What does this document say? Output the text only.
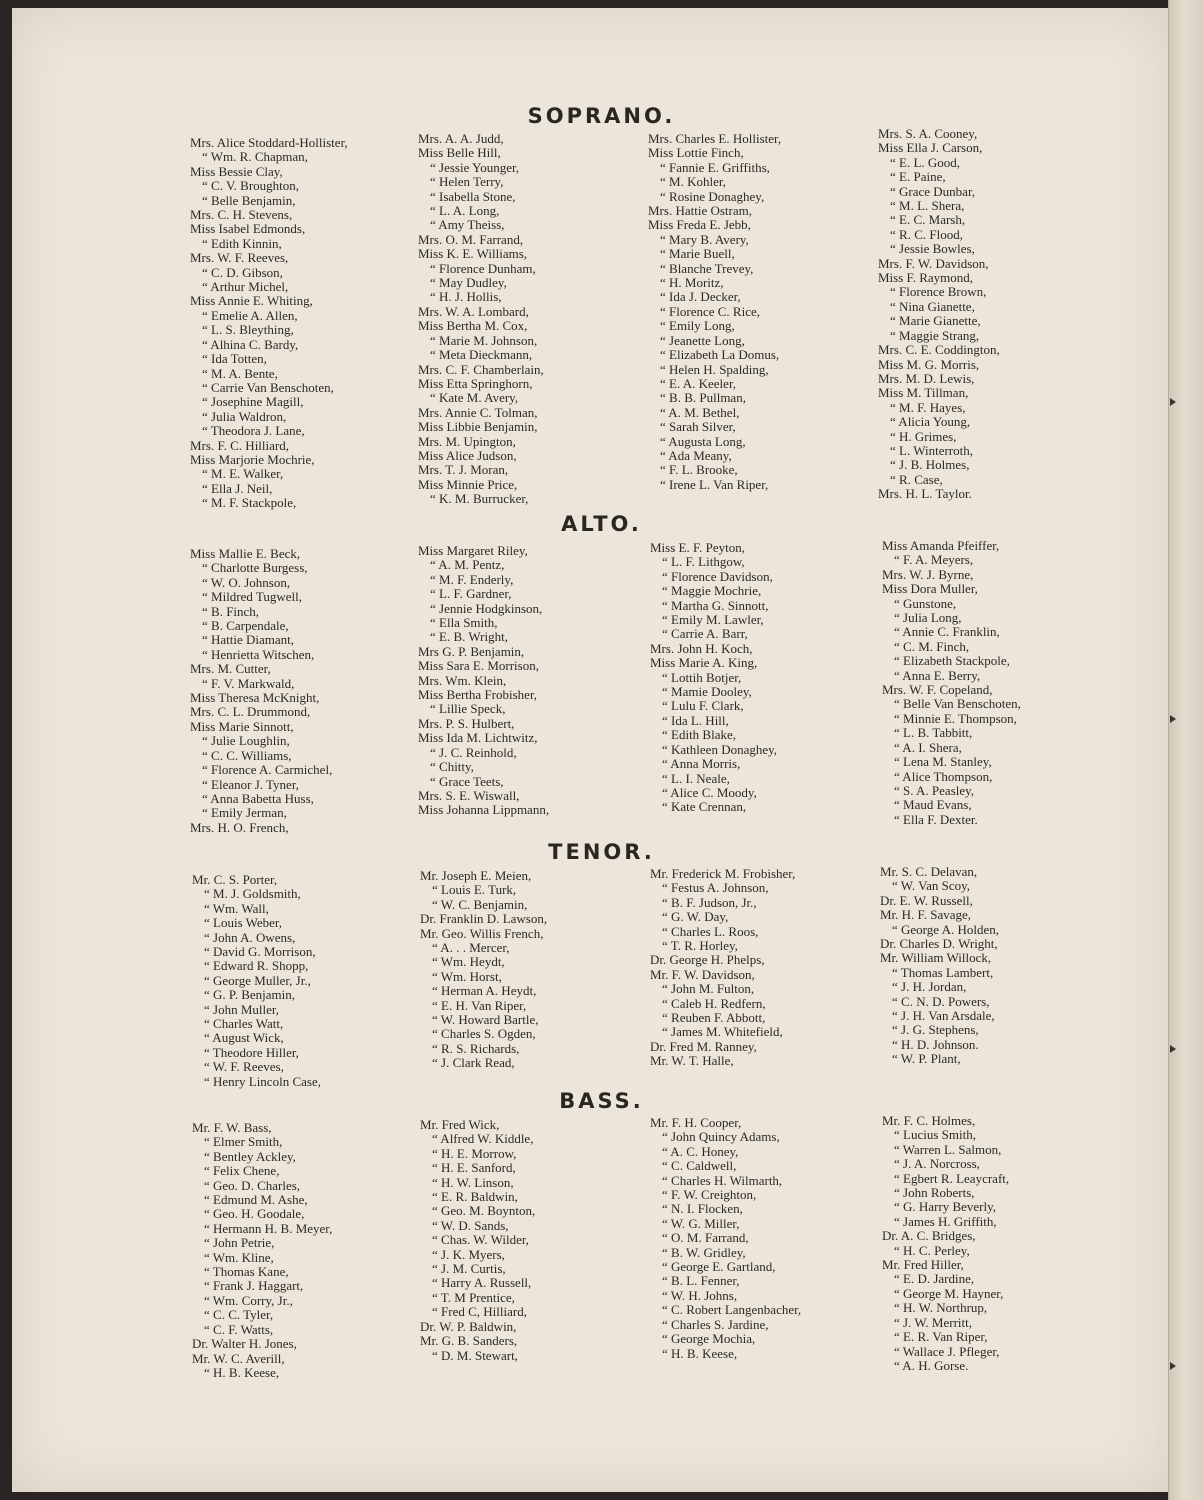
SOPRANO.
Mrs. Alice Stoddard-Hollister,
“ Wm. R. Chapman,
Miss Bessie Clay,
“ C. V. Broughton,
“ Belle Benjamin,
Mrs. C. H. Stevens,
Miss Isabel Edmonds,
“ Edith Kinnin,
Mrs. W. F. Reeves,
“ C. D. Gibson,
“ Arthur Michel,
Miss Annie E. Whiting,
“ Emelie A. Allen,
“ L. S. Bleything,
“ Alhina C. Bardy,
“ Ida Totten,
“ M. A. Bente,
“ Carrie Van Benschoten,
“ Josephine Magill,
“ Julia Waldron,
“ Theodora J. Lane,
Mrs. F. C. Hilliard,
Miss Marjorie Mochrie,
“ M. E. Walker,
“ Ella J. Neil,
“ M. F. Stackpole,
Mrs. A. A. Judd,
Miss Belle Hill,
“ Jessie Younger,
“ Helen Terry,
“ Isabella Stone,
“ L. A. Long,
“ Amy Theiss,
Mrs. O. M. Farrand,
Miss K. E. Williams,
“ Florence Dunham,
“ May Dudley,
“ H. J. Hollis,
Mrs. W. A. Lombard,
Miss Bertha M. Cox,
“ Marie M. Johnson,
“ Meta Dieckmann,
Mrs. C. F. Chamberlain,
Miss Etta Springhorn,
“ Kate M. Avery,
Mrs. Annie C. Tolman,
Miss Libbie Benjamin,
Mrs. M. Upington,
Miss Alice Judson,
Mrs. T. J. Moran,
Miss Minnie Price,
“ K. M. Burrucker,
Mrs. Charles E. Hollister,
Miss Lottie Finch,
“ Fannie E. Griffiths,
“ M. Kohler,
“ Rosine Donaghey,
Mrs. Hattie Ostram,
Miss Freda E. Jebb,
“ Mary B. Avery,
“ Marie Buell,
“ Blanche Trevey,
“ H. Moritz,
“ Ida J. Decker,
“ Florence C. Rice,
“ Emily Long,
“ Jeanette Long,
“ Elizabeth La Domus,
“ Helen H. Spalding,
“ E. A. Keeler,
“ B. B. Pullman,
“ A. M. Bethel,
“ Sarah Silver,
“ Augusta Long,
“ Ada Meany,
“ F. L. Brooke,
“ Irene L. Van Riper,
Mrs. S. A. Cooney,
Miss Ella J. Carson,
“ E. L. Good,
“ E. Paine,
“ Grace Dunbar,
“ M. L. Shera,
“ E. C. Marsh,
“ R. C. Flood,
“ Jessie Bowles,
Mrs. F. W. Davidson,
Miss F. Raymond,
“ Florence Brown,
“ Nina Gianette,
“ Marie Gianette,
“ Maggie Strang,
Mrs. C. E. Coddington,
Miss M. G. Morris,
Mrs. M. D. Lewis,
Miss M. Tillman,
“ M. F. Hayes,
“ Alicia Young,
“ H. Grimes,
“ L. Winterroth,
“ J. B. Holmes,
“ R. Case,
Mrs. H. L. Taylor.
ALTO.
Miss Mallie E. Beck,
“ Charlotte Burgess,
“ W. O. Johnson,
“ Mildred Tugwell,
“ B. Finch,
“ B. Carpendale,
“ Hattie Diamant,
“ Henrietta Witschen,
Mrs. M. Cutter,
“ F. V. Markwald,
Miss Theresa McKnight,
Mrs. C. L. Drummond,
Miss Marie Sinnott,
“ Julie Loughlin,
“ C. C. Williams,
“ Florence A. Carmichel,
“ Eleanor J. Tyner,
“ Anna Babetta Huss,
“ Emily Jerman,
Mrs. H. O. French,
Miss Margaret Riley,
“ A. M. Pentz,
“ M. F. Enderly,
“ L. F. Gardner,
“ Jennie Hodgkinson,
“ Ella Smith,
“ E. B. Wright,
Mrs G. P. Benjamin,
Miss Sara E. Morrison,
Mrs. Wm. Klein,
Miss Bertha Frobisher,
“ Lillie Speck,
Mrs. P. S. Hulbert,
Miss Ida M. Lichtwitz,
“ J. C. Reinhold,
“ Chitty,
“ Grace Teets,
Mrs. S. E. Wiswall,
Miss Johanna Lippmann,
Miss E. F. Peyton,
“ L. F. Lithgow,
“ Florence Davidson,
“ Maggie Mochrie,
“ Martha G. Sinnott,
“ Emily M. Lawler,
“ Carrie A. Barr,
Mrs. John H. Koch,
Miss Marie A. King,
“ Lottih Botjer,
“ Mamie Dooley,
“ Lulu F. Clark,
“ Ida L. Hill,
“ Edith Blake,
“ Kathleen Donaghey,
“ Anna Morris,
“ L. I. Neale,
“ Alice C. Moody,
“ Kate Crennan,
Miss Amanda Pfeiffer,
“ F. A. Meyers,
Mrs. W. J. Byrne,
Miss Dora Muller,
“ Gunstone,
“ Julia Long,
“ Annie C. Franklin,
“ C. M. Finch,
“ Elizabeth Stackpole,
“ Anna E. Berry,
Mrs. W. F. Copeland,
“ Belle Van Benschoten,
“ Minnie E. Thompson,
“ L. B. Tabbitt,
“ A. I. Shera,
“ Lena M. Stanley,
“ Alice Thompson,
“ S. A. Peasley,
“ Maud Evans,
“ Ella F. Dexter.
TENOR.
Mr. C. S. Porter,
“ M. J. Goldsmith,
“ Wm. Wall,
“ Louis Weber,
“ John A. Owens,
“ David G. Morrison,
“ Edward R. Shopp,
“ George Muller, Jr.,
“ G. P. Benjamin,
“ John Muller,
“ Charles Watt,
“ August Wick,
“ Theodore Hiller,
“ W. F. Reeves,
“ Henry Lincoln Case,
Mr. Joseph E. Meien,
“ Louis E. Turk,
“ W. C. Benjamin,
Dr. Franklin D. Lawson,
Mr. Geo. Willis French,
“ A. . . Mercer,
“ Wm. Heydt,
“ Wm. Horst,
“ Herman A. Heydt,
“ E. H. Van Riper,
“ W. Howard Bartle,
“ Charles S. Ogden,
“ R. S. Richards,
“ J. Clark Read,
Mr. Frederick M. Frobisher,
“ Festus A. Johnson,
“ B. F. Judson, Jr.,
“ G. W. Day,
“ Charles L. Roos,
“ T. R. Horley,
Dr. George H. Phelps,
Mr. F. W. Davidson,
“ John M. Fulton,
“ Caleb H. Redfern,
“ Reuben F. Abbott,
“ James M. Whitefield,
Dr. Fred M. Ranney,
Mr. W. T. Halle,
Mr. S. C. Delavan,
“ W. Van Scoy,
Dr. E. W. Russell,
Mr. H. F. Savage,
“ George A. Holden,
Dr. Charles D. Wright,
Mr. William Willock,
“ Thomas Lambert,
“ J. H. Jordan,
“ C. N. D. Powers,
“ J. H. Van Arsdale,
“ J. G. Stephens,
“ H. D. Johnson.
“ W. P. Plant,
BASS.
Mr. F. W. Bass,
“ Elmer Smith,
“ Bentley Ackley,
“ Felix Chene,
“ Geo. D. Charles,
“ Edmund M. Ashe,
“ Geo. H. Goodale,
“ Hermann H. B. Meyer,
“ John Petrie,
“ Wm. Kline,
“ Thomas Kane,
“ Frank J. Haggart,
“ Wm. Corry, Jr.,
“ C. C. Tyler,
“ C. F. Watts,
Dr. Walter H. Jones,
Mr. W. C. Averill,
“ H. B. Keese,
Mr. Fred Wick,
“ Alfred W. Kiddle,
“ H. E. Morrow,
“ H. E. Sanford,
“ H. W. Linson,
“ E. R. Baldwin,
“ Geo. M. Boynton,
“ W. D. Sands,
“ Chas. W. Wilder,
“ J. K. Myers,
“ J. M. Curtis,
“ Harry A. Russell,
“ T. M Prentice,
“ Fred C, Hilliard,
Dr. W. P. Baldwin,
Mr. G. B. Sanders,
“ D. M. Stewart,
Mr. F. H. Cooper,
“ John Quincy Adams,
“ A. C. Honey,
“ C. Caldwell,
“ Charles H. Wilmarth,
“ F. W. Creighton,
“ N. I. Flocken,
“ W. G. Miller,
“ O. M. Farrand,
“ B. W. Gridley,
“ George E. Gartland,
“ B. L. Fenner,
“ W. H. Johns,
“ C. Robert Langenbacher,
“ Charles S. Jardine,
“ George Mochia,
“ H. B. Keese,
Mr. F. C. Holmes,
“ Lucius Smith,
“ Warren L. Salmon,
“ J. A. Norcross,
“ Egbert R. Leaycraft,
“ John Roberts,
“ G. Harry Beverly,
“ James H. Griffith,
Dr. A. C. Bridges,
“ H. C. Perley,
Mr. Fred Hiller,
“ E. D. Jardine,
“ George M. Hayner,
“ H. W. Northrup,
“ J. W. Merritt,
“ E. R. Van Riper,
“ Wallace J. Pfleger,
“ A. H. Gorse.
